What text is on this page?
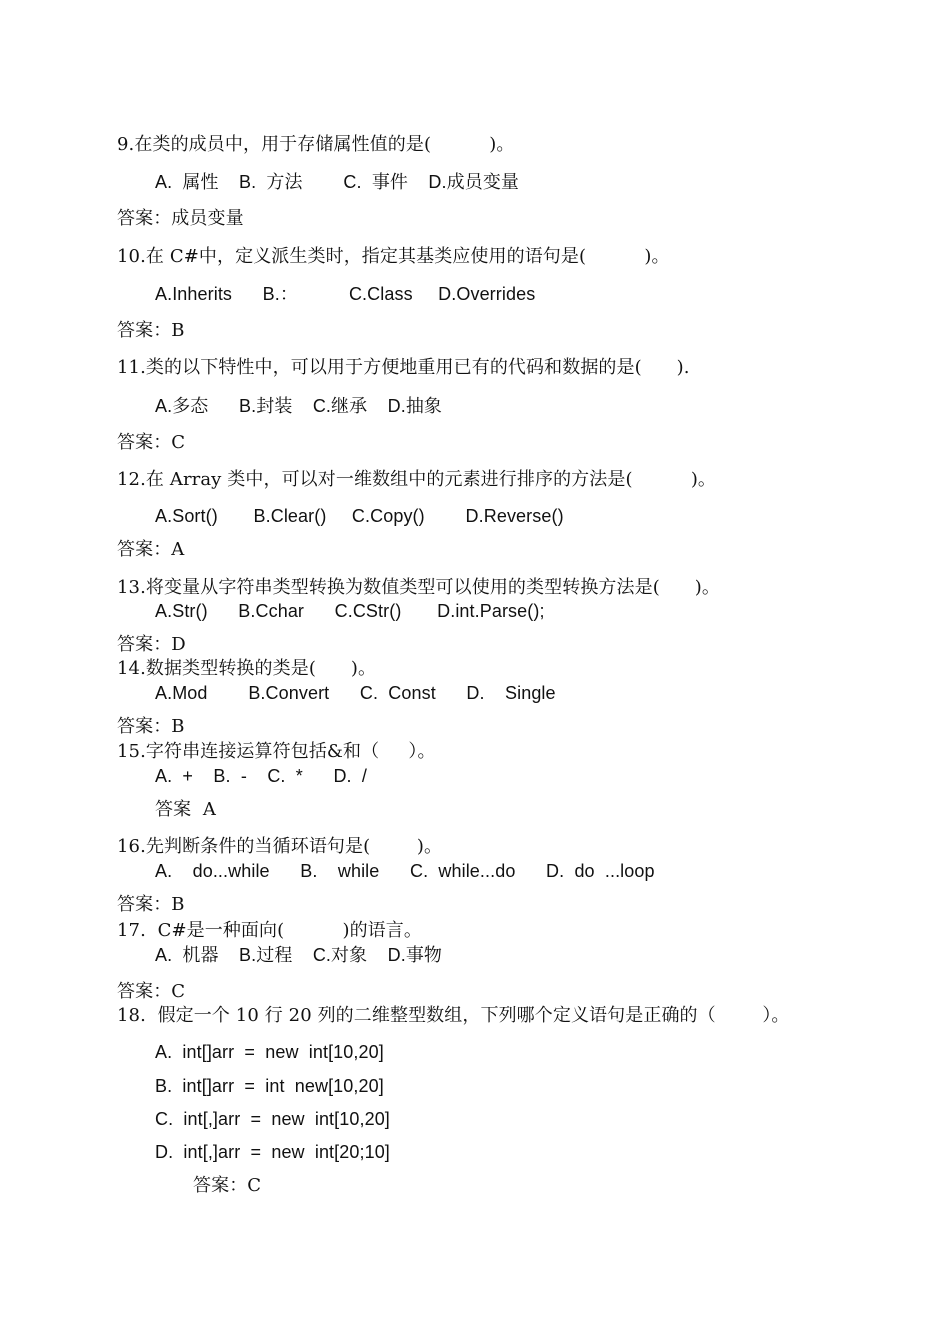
9.在类的成员中，用于存储属性值的是(          )。
A.  属性    B.  方法        C.  事件    D.成员变量
答案：成员变量
10.在 C#中，定义派生类时，指定其基类应使用的语句是(          )。
A.Inherits      B.：          C.Class     D.Overrides
答案：B
11.类的以下特性中，可以用于方便地重用已有的代码和数据的是(      ).
A.多态      B.封装    C.继承    D.抽象
答案：C
12.在 Array 类中，可以对一维数组中的元素进行排序的方法是(          )。
A.Sort()       B.Clear()     C.Copy()        D.Reverse()
答案：A
13.将变量从字符串类型转换为数值类型可以使用的类型转换方法是(      )。
A.Str()      B.Cchar      C.CStr()       D.int.Parse();
答案：D
14.数据类型转换的类是(      )。
A.Mod        B.Convert      C.  Const      D.    Single
答案：B
15.字符串连接运算符包括&和（     ）。
A.  +    B.  -    C.  *      D.  /
答案  A
16.先判断条件的当循环语句是(        )。
A.    do...while      B.    while      C.  while...do      D.  do  ...loop
答案：B
17.  C#是一种面向(          )的语言。
A.  机器    B.过程    C.对象    D.事物
答案：C
18.  假定一个 10 行 20 列的二维整型数组，下列哪个定义语句是正确的（        ）。
A.  int[]arr  =  new  int[10,20]
B.  int[]arr  =  int  new[10,20]
C.  int[,]arr  =  new  int[10,20]
D.  int[,]arr  =  new  int[20;10]
答案：C
